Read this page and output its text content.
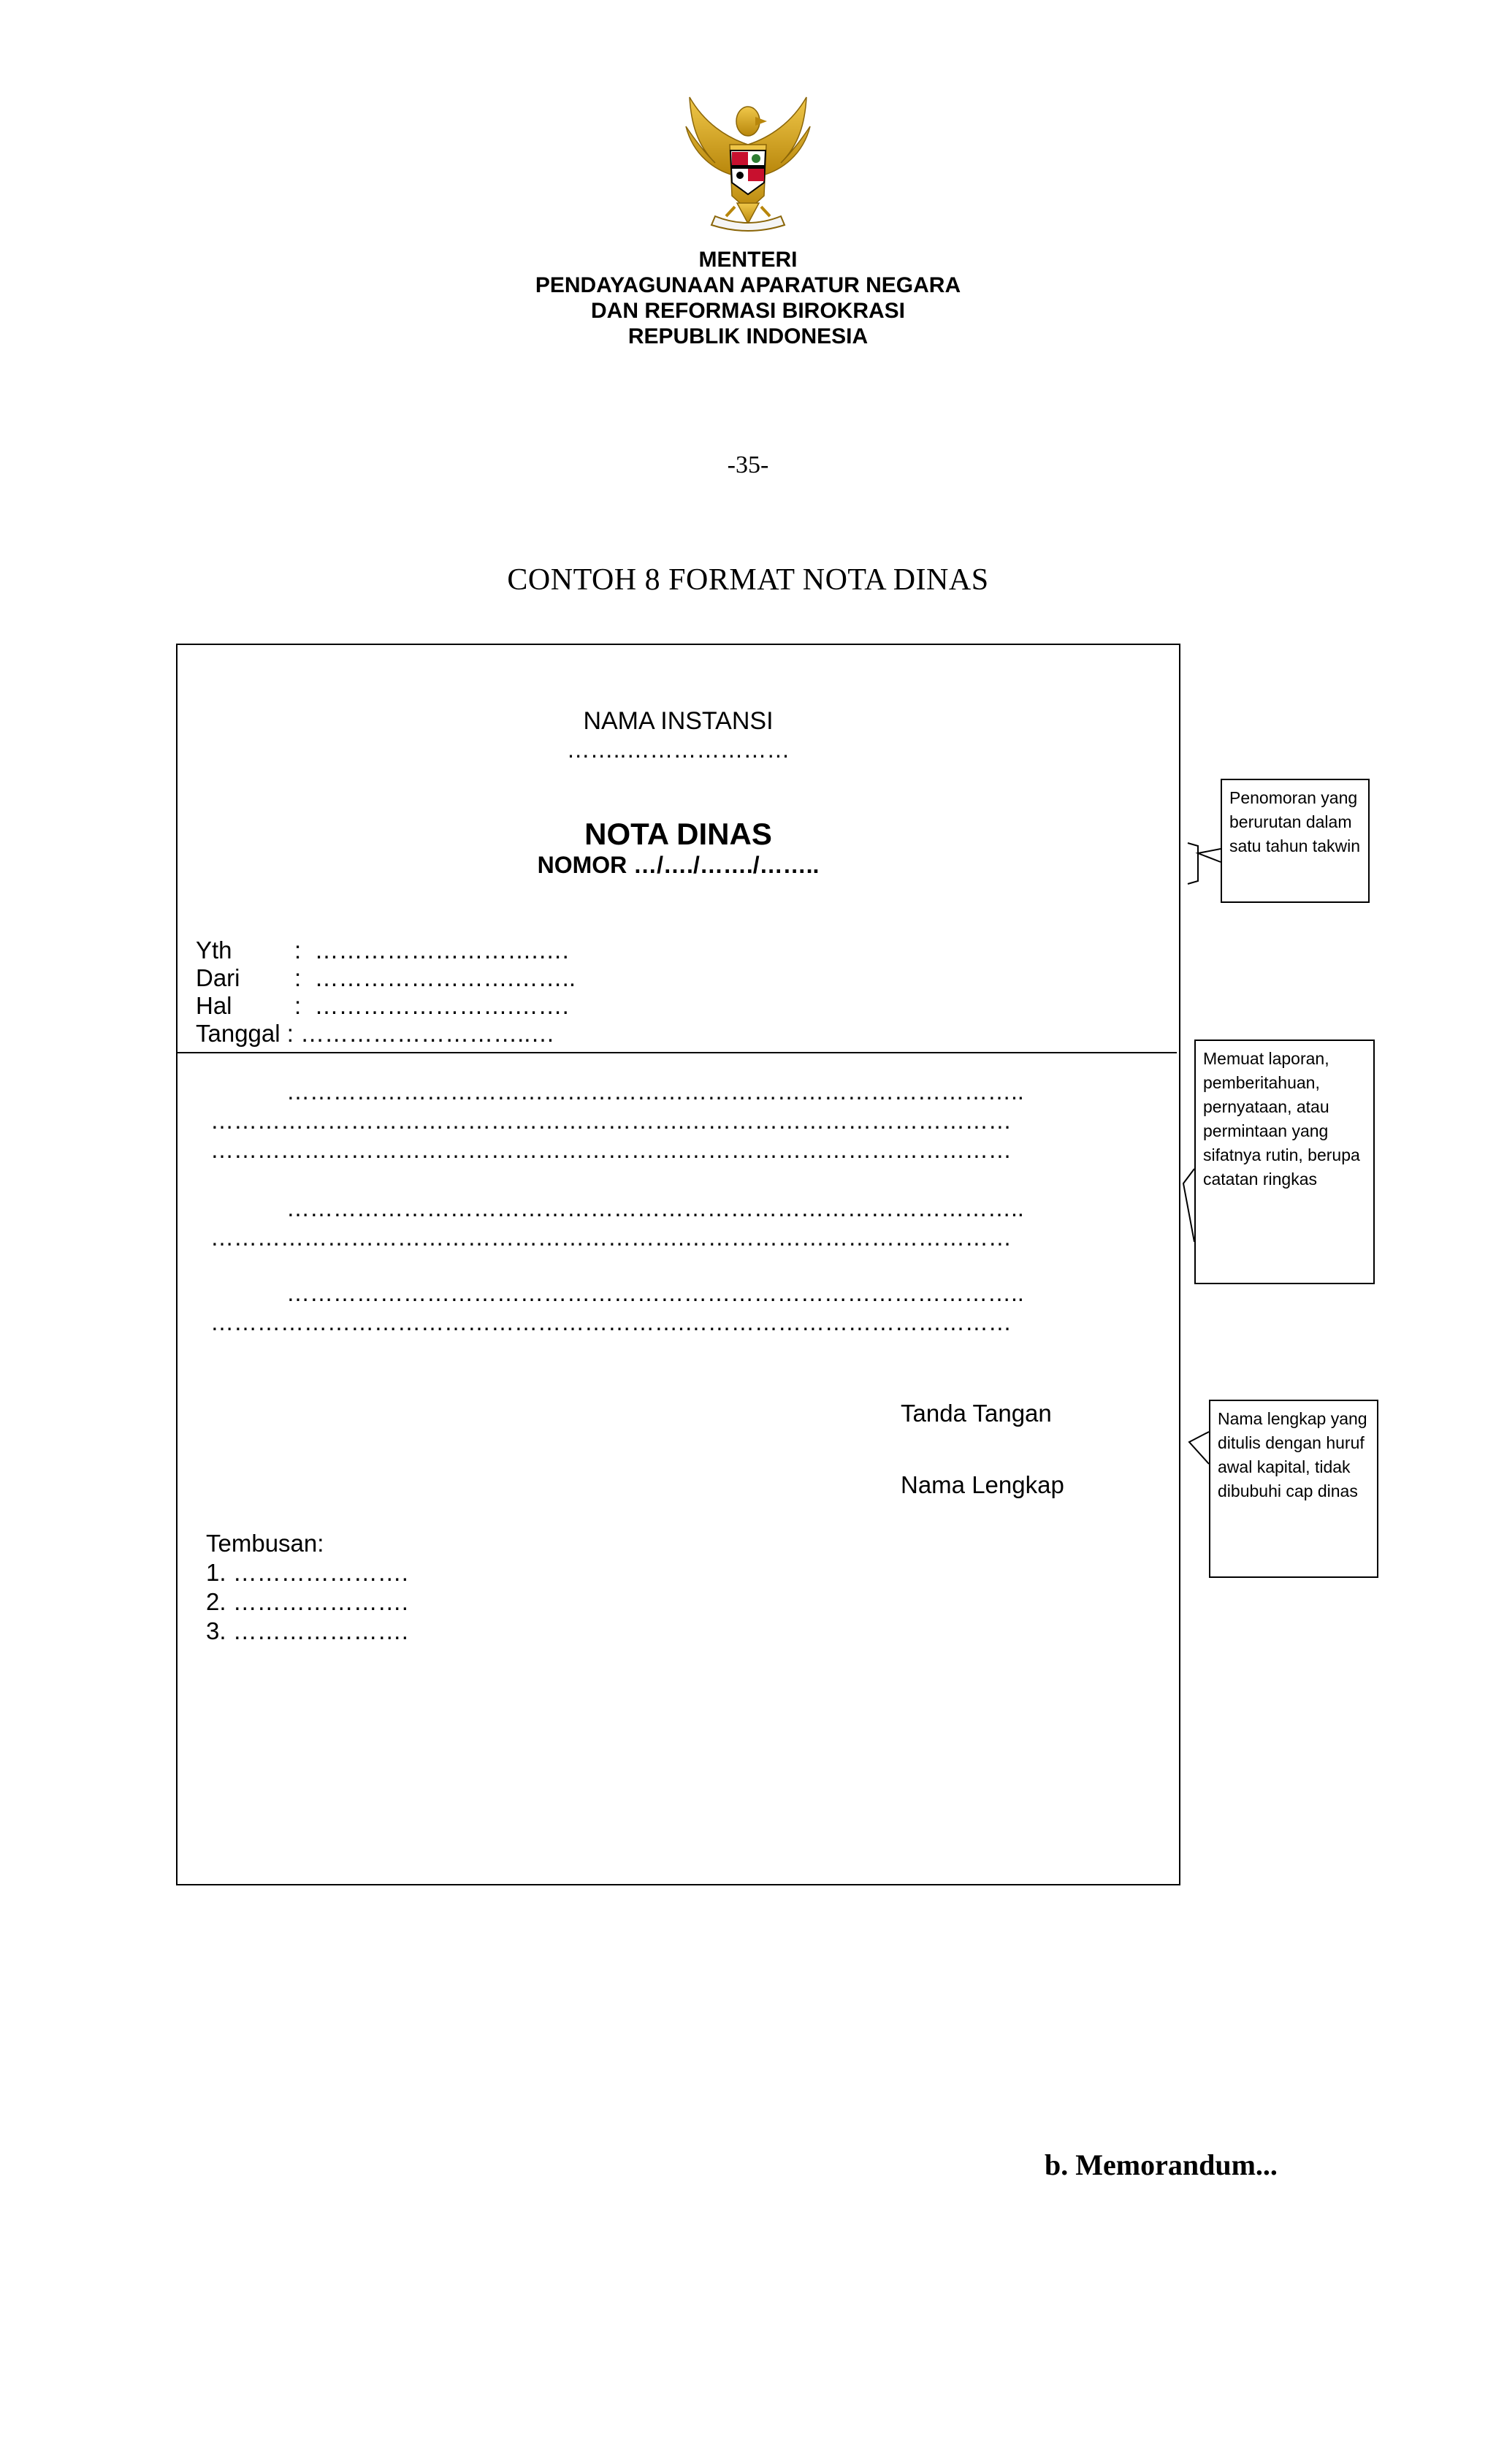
MENTERI
PENDAYAGUNAAN APARATUR NEGARA
DAN REFORMASI BIROKRASI
REPUBLIK INDONESIA
-35-
CONTOH 8 FORMAT NOTA DINAS
NAMA INSTANSI
……..…………………
NOTA DINAS
NOMOR …/…./……./……..
Yth	: ……………………….….
Dari : …………………….……..
Hal	: …………………….…….
Tanggal : ………………………..…
…………………………………………………………………………………..
…………………………………………………….……………………………………
…………………………………………………….……………………………………
…………………………………………………………………………………..
…………………………………………………….……………………………………
…………………………………………………………………………………..
…………………………………………………….……………………………………
Tanda Tangan
Nama Lengkap
Tembusan:
1. ………………….
2. ………………….
3. ………………….
Penomoran yang berurutan dalam satu tahun takwin
Memuat laporan, pemberitahuan, pernyataan, atau permintaan yang sifatnya rutin, berupa catatan ringkas
Nama lengkap yang ditulis dengan huruf awal kapital, tidak dibubuhi cap dinas
b. Memorandum...
